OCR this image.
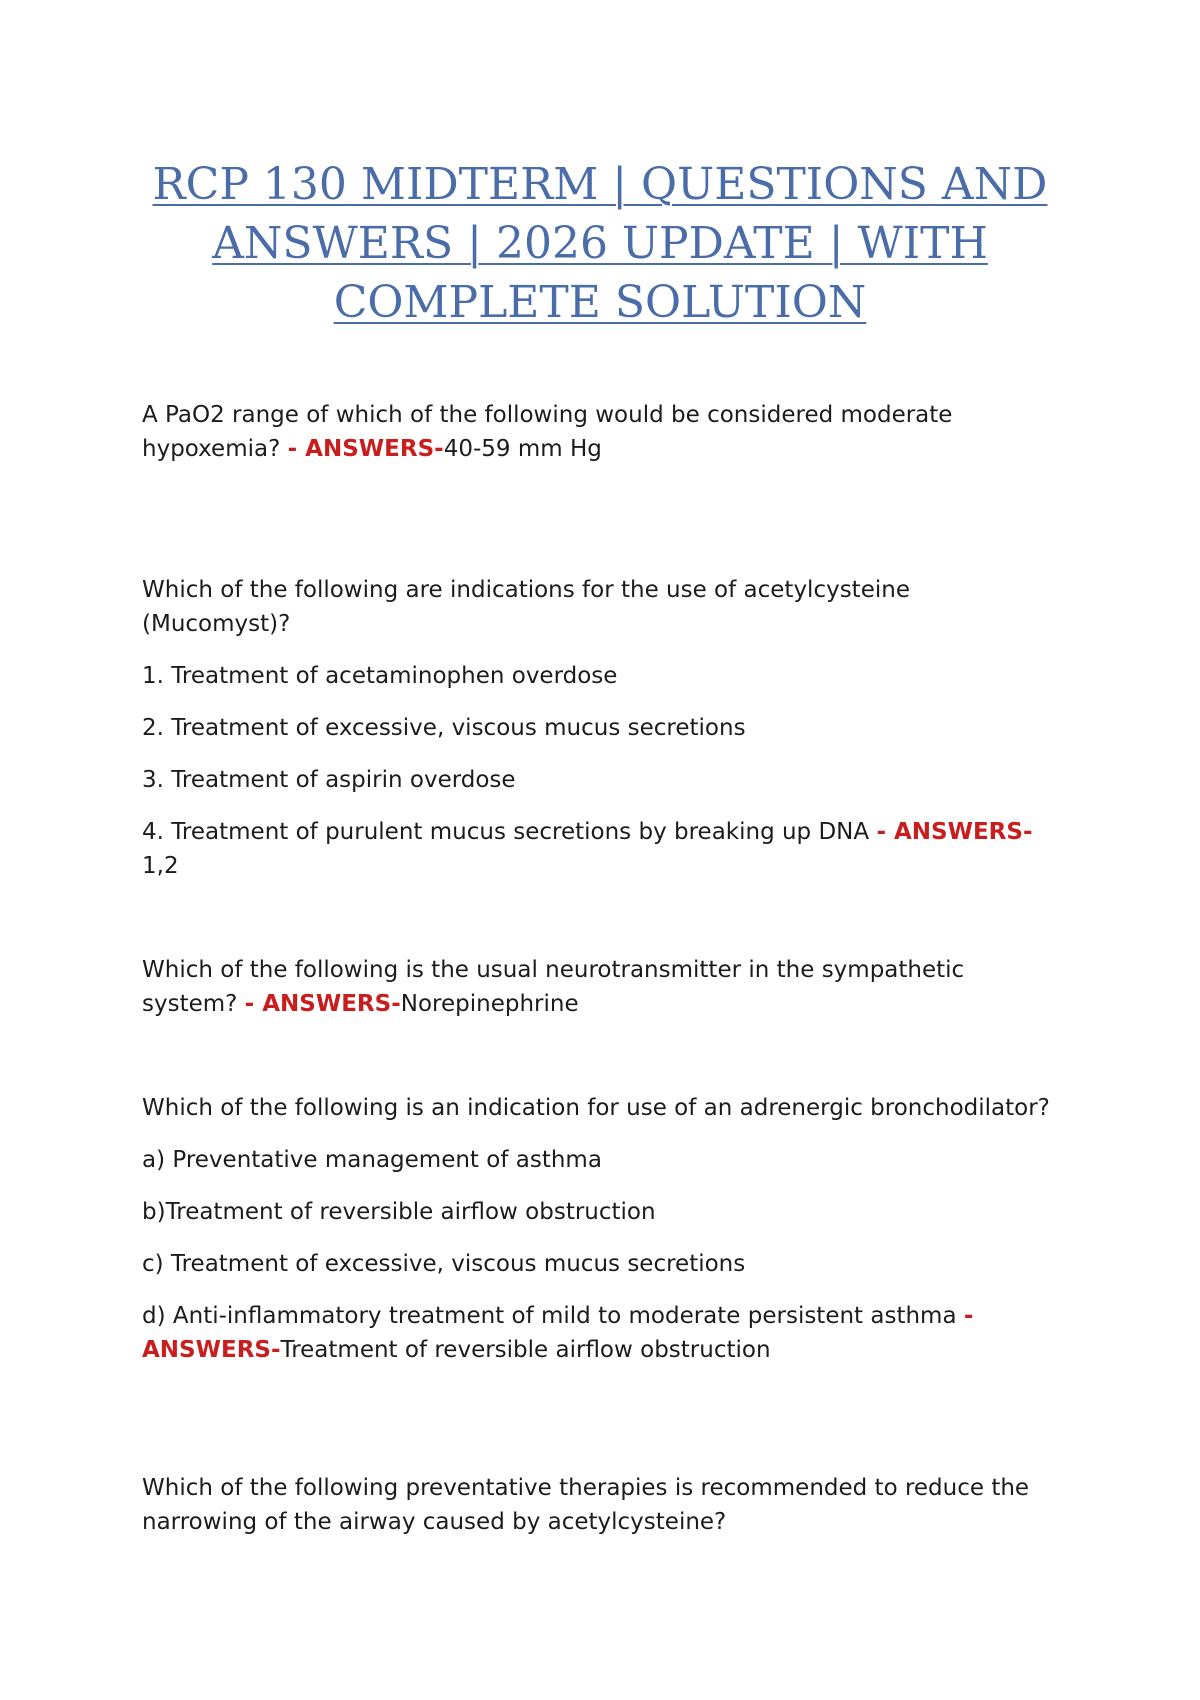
RCP 130 MIDTERM | QUESTIONS AND ANSWERS | 2026 UPDATE | WITH COMPLETE SOLUTION

A PaO2 range of which of the following would be considered moderate hypoxemia? - ANSWERS-40-59 mm Hg

Which of the following are indications for the use of acetylcysteine (Mucomyst)?

1. Treatment of acetaminophen overdose

2. Treatment of excessive, viscous mucus secretions

3. Treatment of aspirin overdose

4. Treatment of purulent mucus secretions by breaking up DNA - ANSWERS- 1,2

Which of the following is the usual neurotransmitter in the sympathetic system? - ANSWERS-Norepinephrine

Which of the following is an indication for use of an adrenergic bronchodilator?

a) Preventative management of asthma

b)Treatment of reversible airflow obstruction

c) Treatment of excessive, viscous mucus secretions

d) Anti-inflammatory treatment of mild to moderate persistent asthma - ANSWERS-Treatment of reversible airflow obstruction

Which of the following preventative therapies is recommended to reduce the narrowing of the airway caused by acetylcysteine?
